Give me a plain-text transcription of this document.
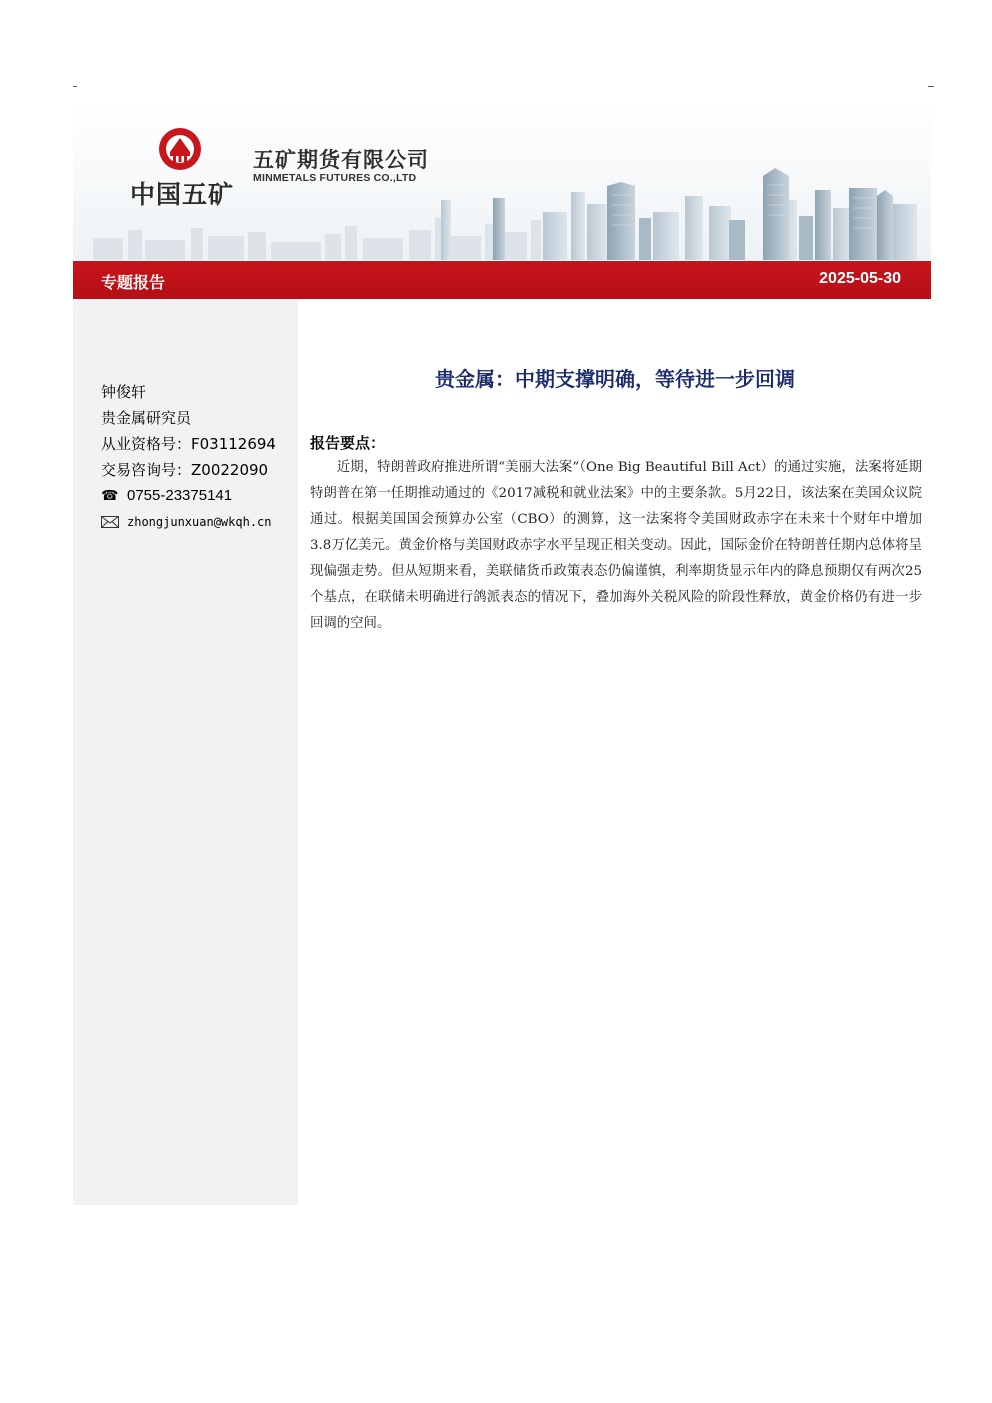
中国五矿
五矿期货有限公司
MINMETALS FUTURES CO.,LTD
专题报告	2025-05-30
钟俊轩
贵金属研究员
从业资格号：F03112694
交易咨询号：Z0022090
☎ 0755-23375141
zhongjunxuan@wkqh.cn
贵金属：中期支撑明确，等待进一步回调
报告要点：

近期，特朗普政府推进所谓“美丽大法案”（One Big Beautiful Bill Act）的通过实施，法案将延期特朗普在第一任期推动通过的《2017减税和就业法案》中的主要条款。5月22日，该法案在美国众议院通过。根据美国国会预算办公室（CBO）的测算，这一法案将令美国财政赤字在未来十个财年中增加3.8万亿美元。黄金价格与美国财政赤字水平呈现正相关变动。因此，国际金价在特朗普任期内总体将呈现偏强走势。但从短期来看，美联储货币政策表态仍偏谨慎，利率期货显示年内的降息预期仅有两次25个基点，在联储未明确进行鸽派表态的情况下，叠加海外关税风险的阶段性释放，黄金价格仍有进一步回调的空间。
